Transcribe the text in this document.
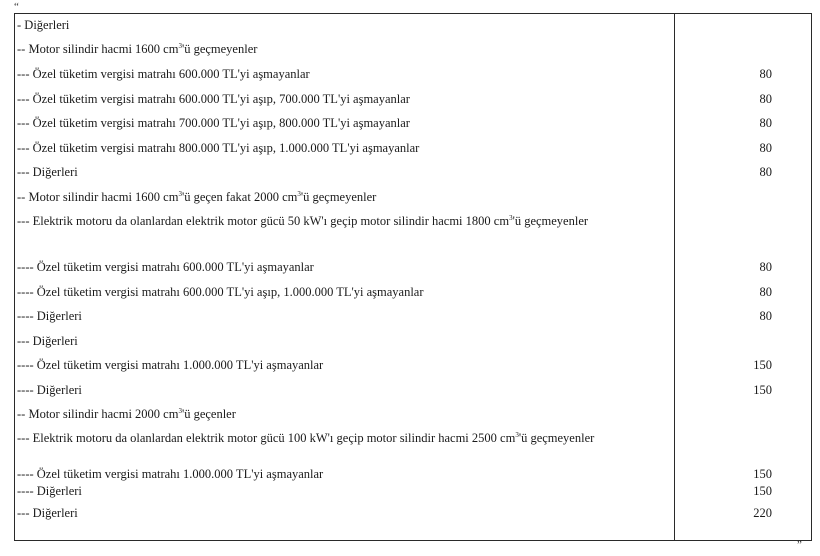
“
- Diğerleri
-- Motor silindir hacmi 1600 $cm^3'ü$ geçmeyenler
--- Özel tüketim vergisi matrahı 600.000 TL'yi aşmayanlar	80
--- Özel tüketim vergisi matrahı 600.000 TL'yi aşıp, 700.000 TL'yi aşmayanlar	80
--- Özel tüketim vergisi matrahı 700.000 TL'yi aşıp, 800.000 TL'yi aşmayanlar	80
--- Özel tüketim vergisi matrahı 800.000 TL'yi aşıp, 1.000.000 TL'yi aşmayanlar	80
--- Diğerleri	80
-- Motor silindir hacmi 1600 $cm^3'ü$ geçen fakat 2000 $cm^3'ü$ geçmeyenler
--- Elektrik motoru da olanlardan elektrik motor gücü 50 kW'ı geçip motor silindir hacmi 1800 $cm^3'ü$ geçmeyenler
---- Özel tüketim vergisi matrahı 600.000 TL'yi aşmayanlar	80
---- Özel tüketim vergisi matrahı 600.000 TL'yi aşıp, 1.000.000 TL'yi aşmayanlar	80
---- Diğerleri	80
--- Diğerleri
---- Özel tüketim vergisi matrahı 1.000.000 TL'yi aşmayanlar	150
---- Diğerleri	150
-- Motor silindir hacmi 2000 $cm^3'ü$ geçenler
--- Elektrik motoru da olanlardan elektrik motor gücü 100 kW'ı geçip motor silindir hacmi 2500 $cm^3'ü$ geçmeyenler
---- Özel tüketim vergisi matrahı 1.000.000 TL'yi aşmayanlar	150
---- Diğerleri	150
--- Diğerleri	220
”
